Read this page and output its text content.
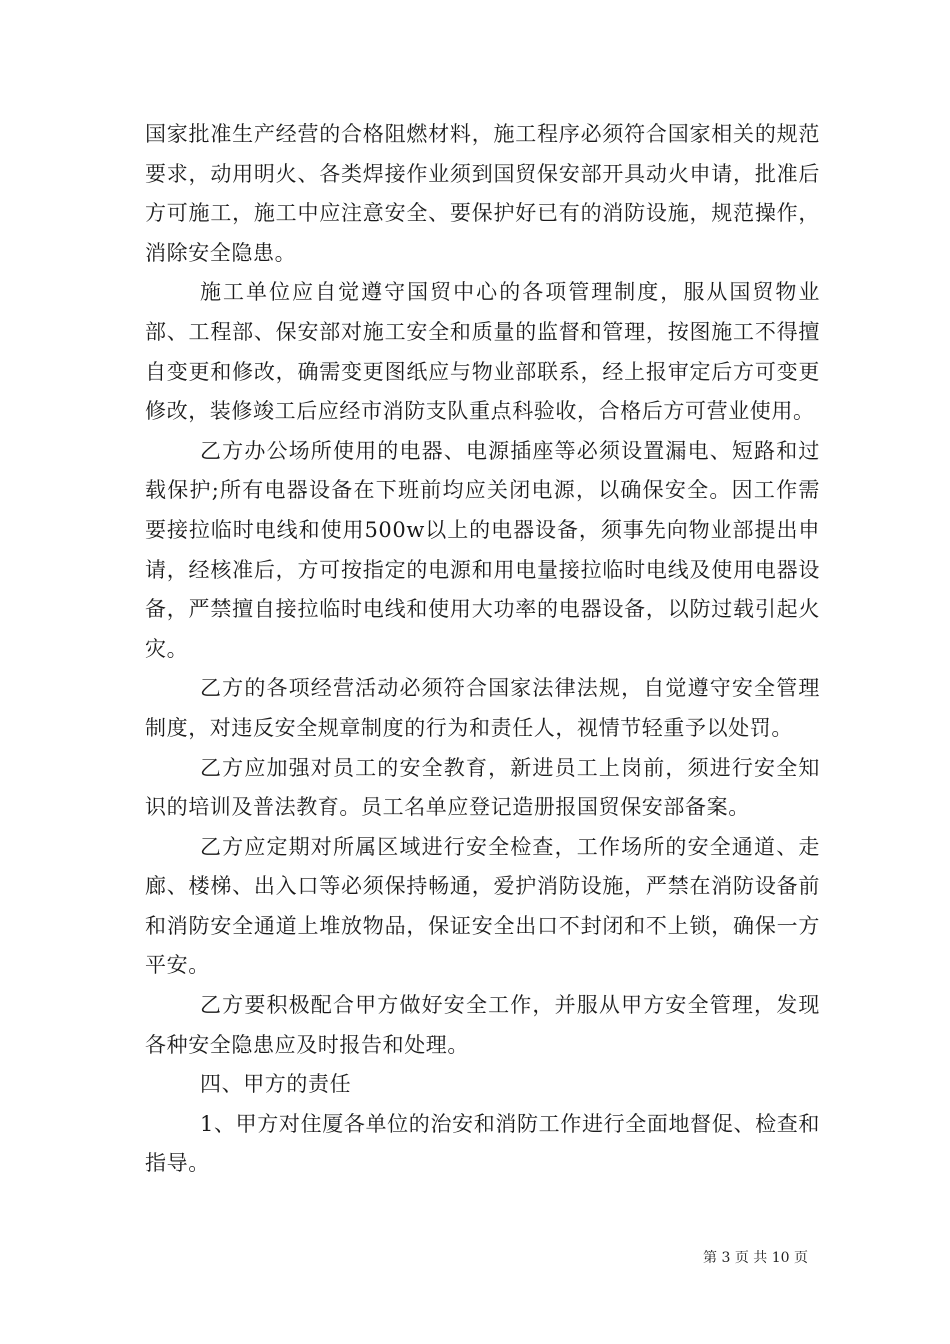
国家批准生产经营的合格阻燃材料，施工程序必须符合国家相关的规范要求，动用明火、各类焊接作业须到国贸保安部开具动火申请，批准后方可施工，施工中应注意安全、要保护好已有的消防设施，规范操作，消除安全隐患。

施工单位应自觉遵守国贸中心的各项管理制度，服从国贸物业部、工程部、保安部对施工安全和质量的监督和管理，按图施工不得擅自变更和修改，确需变更图纸应与物业部联系，经上报审定后方可变更修改，装修竣工后应经市消防支队重点科验收，合格后方可营业使用。

乙方办公场所使用的电器、电源插座等必须设置漏电、短路和过载保护;所有电器设备在下班前均应关闭电源，以确保安全。因工作需要接拉临时电线和使用500w以上的电器设备，须事先向物业部提出申请，经核准后，方可按指定的电源和用电量接拉临时电线及使用电器设备，严禁擅自接拉临时电线和使用大功率的电器设备，以防过载引起火灾。

乙方的各项经营活动必须符合国家法律法规，自觉遵守安全管理制度，对违反安全规章制度的行为和责任人，视情节轻重予以处罚。

乙方应加强对员工的安全教育，新进员工上岗前，须进行安全知识的培训及普法教育。员工名单应登记造册报国贸保安部备案。

乙方应定期对所属区域进行安全检查，工作场所的安全通道、走廊、楼梯、出入口等必须保持畅通，爱护消防设施，严禁在消防设备前和消防安全通道上堆放物品，保证安全出口不封闭和不上锁，确保一方平安。

乙方要积极配合甲方做好安全工作，并服从甲方安全管理，发现各种安全隐患应及时报告和处理。

四、甲方的责任

1、甲方对住厦各单位的治安和消防工作进行全面地督促、检查和指导。

第 3 页 共 10 页
